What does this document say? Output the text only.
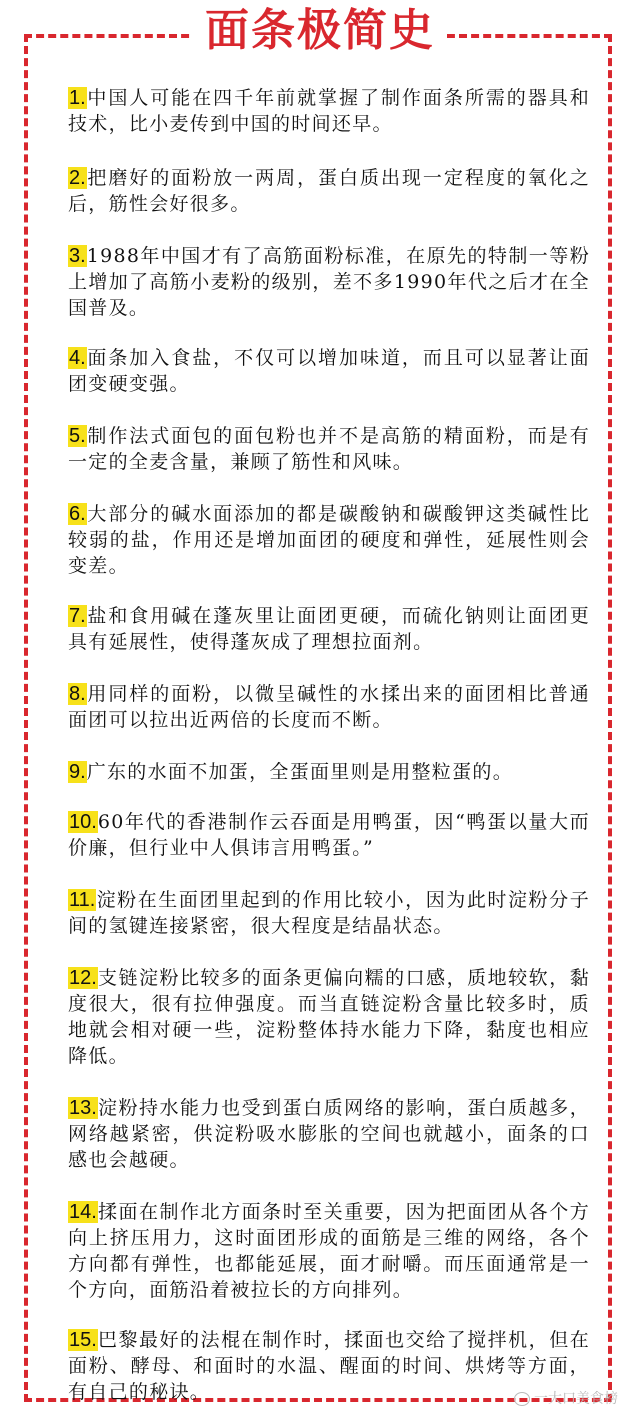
面条极简史

1.中国人可能在四千年前就掌握了制作面条所需的器具和技术，比小麦传到中国的时间还早。

2.把磨好的面粉放一两周，蛋白质出现一定程度的氧化之后，筋性会好很多。

3.1988年中国才有了高筋面粉标准，在原先的特制一等粉上增加了高筋小麦粉的级别，差不多1990年代之后才在全国普及。

4.面条加入食盐，不仅可以增加味道，而且可以显著让面团变硬变强。

5.制作法式面包的面包粉也并不是高筋的精面粉，而是有一定的全麦含量，兼顾了筋性和风味。

6.大部分的碱水面添加的都是碳酸钠和碳酸钾这类碱性比较弱的盐，作用还是增加面团的硬度和弹性，延展性则会变差。

7.盐和食用碱在蓬灰里让面团更硬，而硫化钠则让面团更具有延展性，使得蓬灰成了理想拉面剂。

8.用同样的面粉，以微呈碱性的水揉出来的面团相比普通面团可以拉出近两倍的长度而不断。

9.广东的水面不加蛋，全蛋面里则是用整粒蛋的。

10.60年代的香港制作云吞面是用鸭蛋，因“鸭蛋以量大而价廉，但行业中人俱讳言用鸭蛋。”

11.淀粉在生面团里起到的作用比较小，因为此时淀粉分子间的氢键连接紧密，很大程度是结晶状态。

12.支链淀粉比较多的面条更偏向糯的口感，质地较软，黏度很大，很有拉伸强度。而当直链淀粉含量比较多时，质地就会相对硬一些，淀粉整体持水能力下降，黏度也相应降低。

13.淀粉持水能力也受到蛋白质网络的影响，蛋白质越多，网络越紧密，供淀粉吸水膨胀的空间也就越小，面条的口感也会越硬。

14.揉面在制作北方面条时至关重要，因为把面团从各个方向上挤压用力，这时面团形成的面筋是三维的网络，各个方向都有弹性，也都能延展，面才耐嚼。而压面通常是一个方向，面筋沿着被拉长的方向排列。

15.巴黎最好的法棍在制作时，揉面也交给了搅拌机，但在面粉、酵母、和面时的水温、醒面的时间、烘烤等方面，有自己的秘诀。	一大口美食榜
